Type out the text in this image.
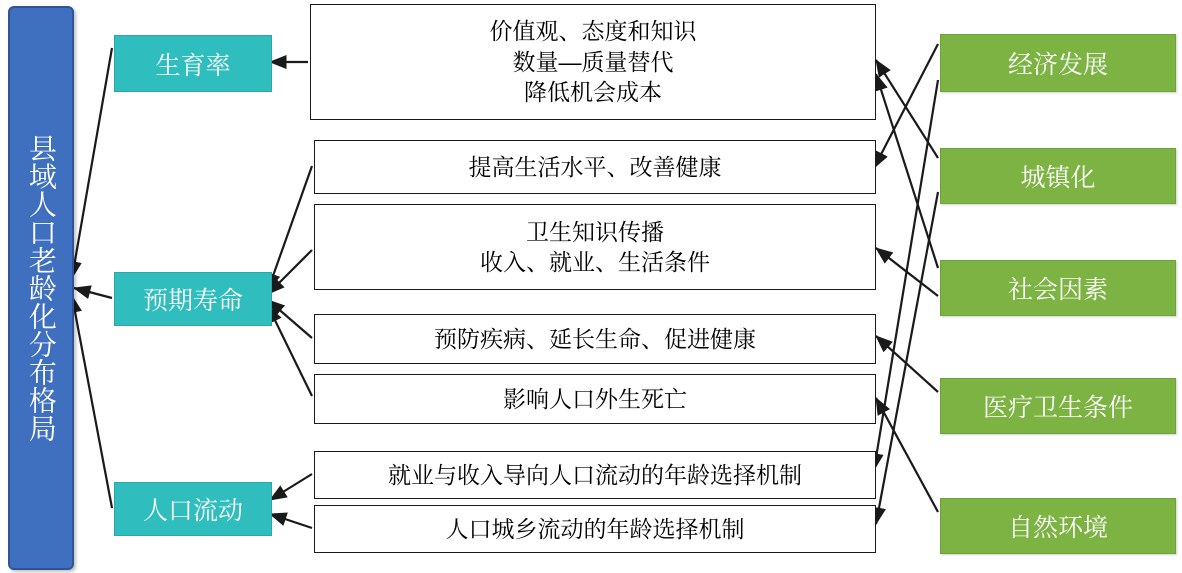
县域人口老龄化分布格局
生育率
预期寿命
人口流动
价值观、态度和知识
数量—质量替代
降低机会成本
提高生活水平、改善健康
卫生知识传播
收入、就业、生活条件
预防疾病、延长生命、促进健康
影响人口外生死亡
就业与收入导向人口流动的年龄选择机制
人口城乡流动的年龄选择机制
经济发展
城镇化
社会因素
医疗卫生条件
自然环境
